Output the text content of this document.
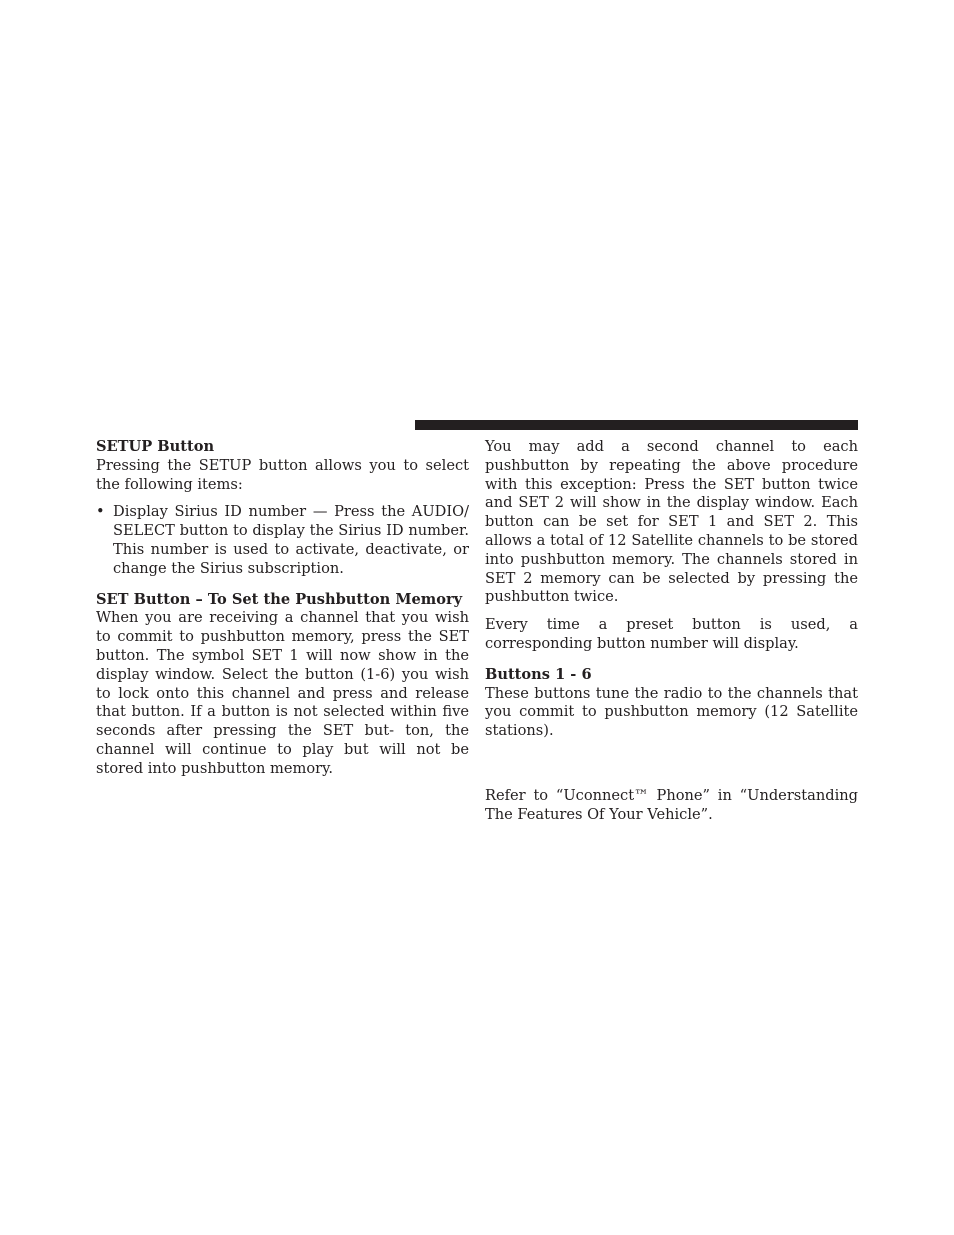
SETUP Button

Pressing the SETUP button allows you to select the following items:

• Display Sirius ID number — Press the AUDIO/ SELECT button to display the Sirius ID number. This number is used to activate, deactivate, or change the Sirius subscription.

SET Button – To Set the Pushbutton Memory

When you are receiving a channel that you wish to commit to pushbutton memory, press the SET button. The symbol SET 1 will now show in the display window. Select the button (1-6) you wish to lock onto this channel and press and release that button. If a button is not selected within five seconds after pressing the SET but- ton, the channel will continue to play but will not be stored into pushbutton memory.

You may add a second channel to each pushbutton by repeating the above procedure with this exception: Press the SET button twice and SET 2 will show in the display window. Each button can be set for SET 1 and SET 2. This allows a total of 12 Satellite channels to be stored into pushbutton memory. The channels stored in SET 2 memory can be selected by pressing the pushbutton twice.

Every time a preset button is used, a corresponding button number will display.

Buttons 1 - 6

These buttons tune the radio to the channels that you commit to pushbutton memory (12 Satellite stations).

Refer to “Uconnect™ Phone” in “Understanding The Features Of Your Vehicle”.
